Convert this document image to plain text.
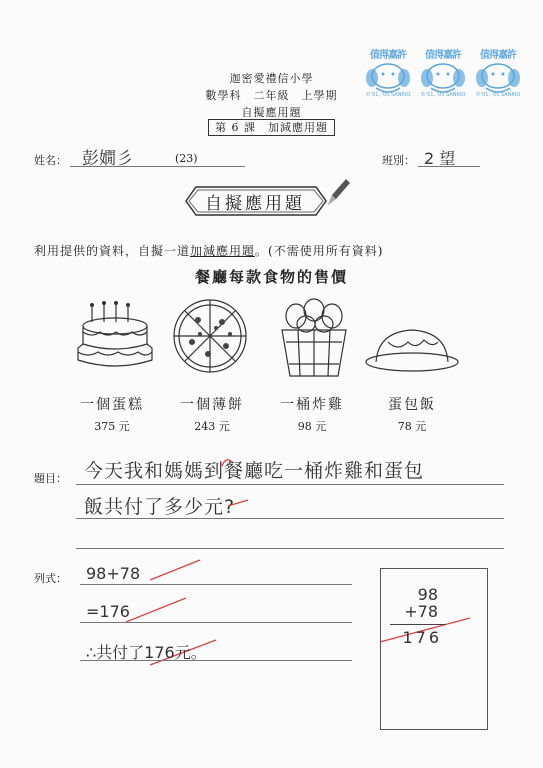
迦密愛禮信小學
數學科　二年級　上學期
自擬應用題
第 6 課　加減應用題
值得嘉許
©'01, '05 SANRIO
值得嘉許
©'01, '05 SANRIO
值得嘉許
©'01, '05 SANRIO
姓名： 彭嫺彡	(23)	班別： 2 望
自擬應用題
利用提供的資料，自擬一道加減應用題。(不需使用所有資料)
餐廳每款食物的售價
一個蛋糕
375 元
一個薄餅
243 元
一桶炸雞
98 元
蛋包飯
78 元
題目： 今天我和媽媽到餐廳吃一桶炸雞和蛋包
飯共付了多少元?
列式： 98+78
=176
∴共付了176元。
98
+78
176
